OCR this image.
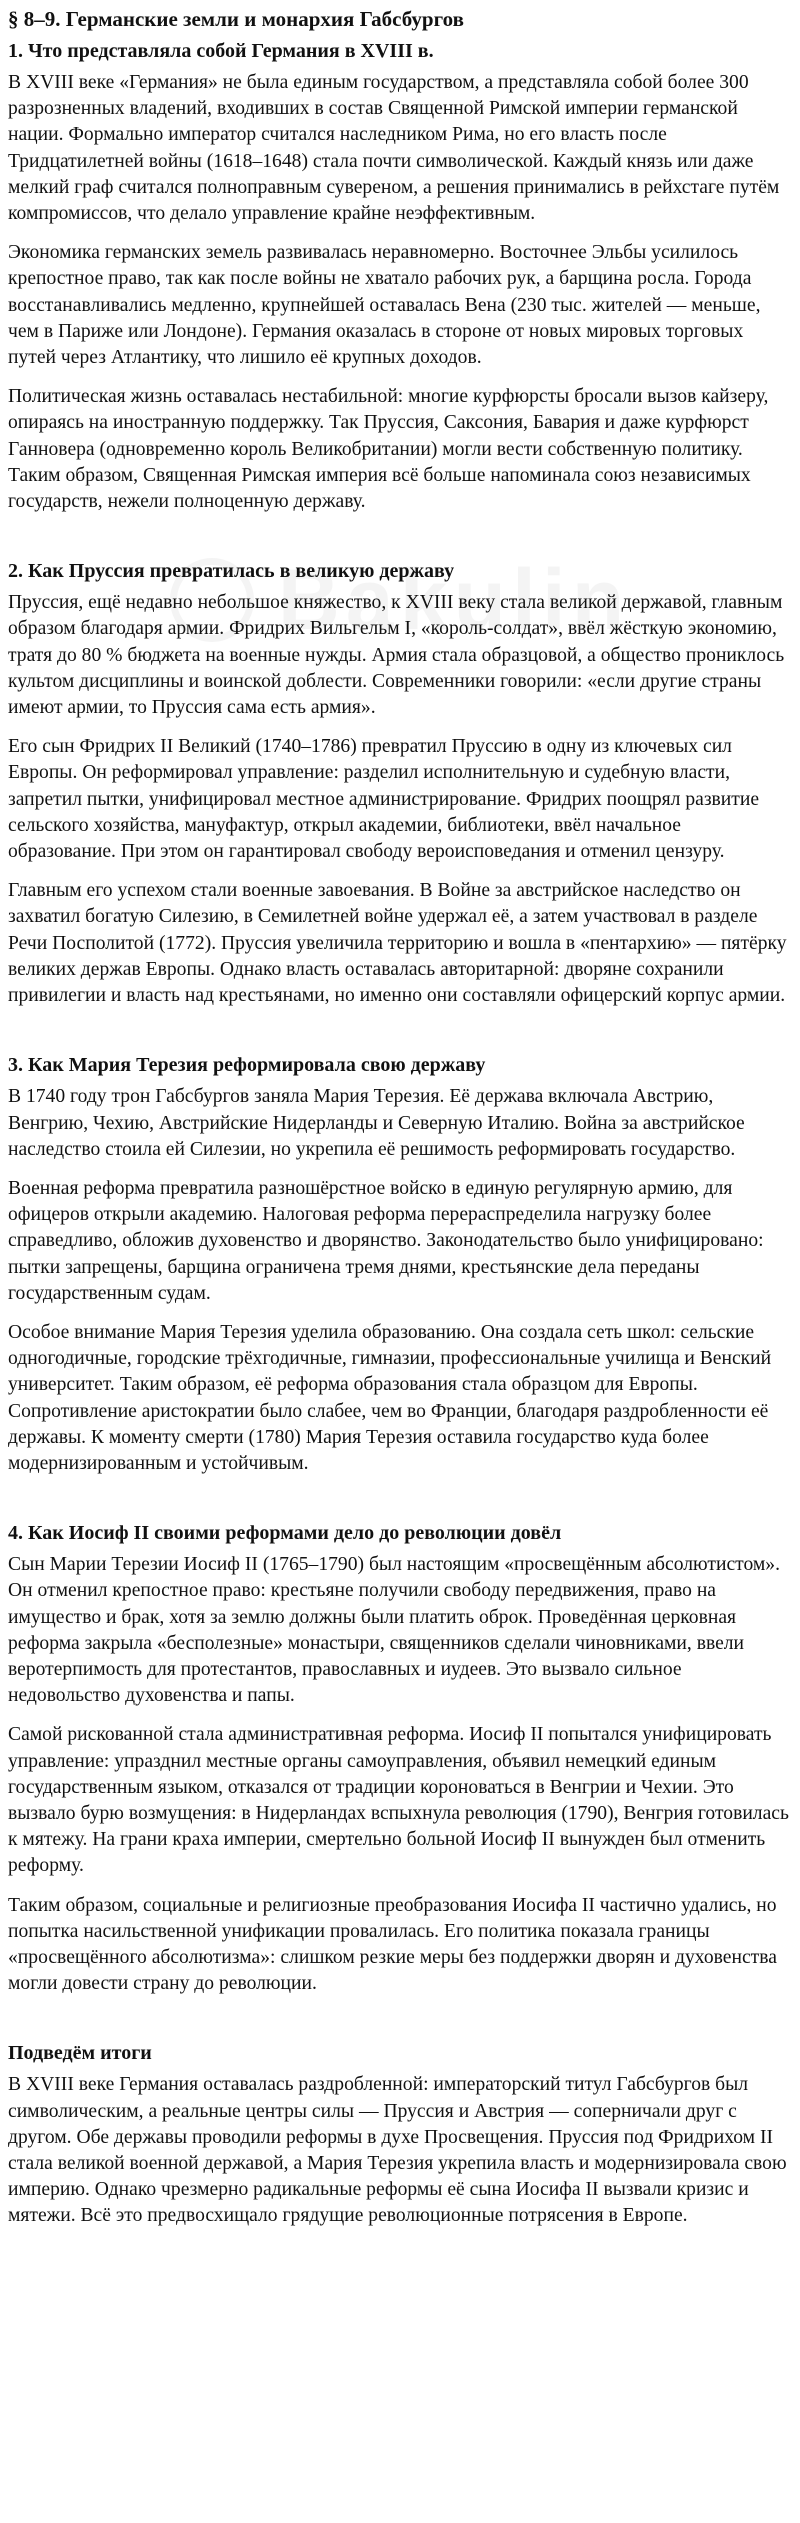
§ 8–9. Германские земли и монархия Габсбургов
1. Что представляла собой Германия в XVIII в.

В XVIII веке «Германия» не была единым государством, а представляла собой более 300 разрозненных владений, входивших в состав Священной Римской империи германской нации. Формально император считался наследником Рима, но его власть после Тридцатилетней войны (1618–1648) стала почти символической. Каждый князь или даже мелкий граф считался полноправным сувереном, а решения принимались в рейхстаге путём компромиссов, что делало управление крайне неэффективным.

Экономика германских земель развивалась неравномерно. Восточнее Эльбы усилилось крепостное право, так как после войны не хватало рабочих рук, а барщина росла. Города восстанавливались медленно, крупнейшей оставалась Вена (230 тыс. жителей — меньше, чем в Париже или Лондоне). Германия оказалась в стороне от новых мировых торговых путей через Атлантику, что лишило её крупных доходов.

Политическая жизнь оставалась нестабильной: многие курфюрсты бросали вызов кайзеру, опираясь на иностранную поддержку. Так Пруссия, Саксония, Бавария и даже курфюрст Ганновера (одновременно король Великобритании) могли вести собственную политику. Таким образом, Священная Римская империя всё больше напоминала союз независимых государств, нежели полноценную державу.

2. Как Пруссия превратилась в великую державу

Пруссия, ещё недавно небольшое княжество, к XVIII веку стала великой державой, главным образом благодаря армии. Фридрих Вильгельм I, «король-солдат», ввёл жёсткую экономию, тратя до 80 % бюджета на военные нужды. Армия стала образцовой, а общество прониклось культом дисциплины и воинской доблести. Современники говорили: «если другие страны имеют армии, то Пруссия сама есть армия».

Его сын Фридрих II Великий (1740–1786) превратил Пруссию в одну из ключевых сил Европы. Он реформировал управление: разделил исполнительную и судебную власти, запретил пытки, унифицировал местное администрирование. Фридрих поощрял развитие сельского хозяйства, мануфактур, открыл академии, библиотеки, ввёл начальное образование. При этом он гарантировал свободу вероисповедания и отменил цензуру.

Главным его успехом стали военные завоевания. В Войне за австрийское наследство он захватил богатую Силезию, в Семилетней войне удержал её, а затем участвовал в разделе Речи Посполитой (1772). Пруссия увеличила территорию и вошла в «пентархию» — пятёрку великих держав Европы. Однако власть оставалась авторитарной: дворяне сохранили привилегии и власть над крестьянами, но именно они составляли офицерский корпус армии.

3. Как Мария Терезия реформировала свою державу

В 1740 году трон Габсбургов заняла Мария Терезия. Её держава включала Австрию, Венгрию, Чехию, Австрийские Нидерланды и Северную Италию. Война за австрийское наследство стоила ей Силезии, но укрепила её решимость реформировать государство.

Военная реформа превратила разношёрстное войско в единую регулярную армию, для офицеров открыли академию. Налоговая реформа перераспределила нагрузку более справедливо, обложив духовенство и дворянство. Законодательство было унифицировано: пытки запрещены, барщина ограничена тремя днями, крестьянские дела переданы государственным судам.

Особое внимание Мария Терезия уделила образованию. Она создала сеть школ: сельские одногодичные, городские трёхгодичные, гимназии, профессиональные училища и Венский университет. Таким образом, её реформа образования стала образцом для Европы. Сопротивление аристократии было слабее, чем во Франции, благодаря раздробленности её державы. К моменту смерти (1780) Мария Терезия оставила государство куда более модернизированным и устойчивым.

4. Как Иосиф II своими реформами дело до революции довёл

Сын Марии Терезии Иосиф II (1765–1790) был настоящим «просвещённым абсолютистом». Он отменил крепостное право: крестьяне получили свободу передвижения, право на имущество и брак, хотя за землю должны были платить оброк. Проведённая церковная реформа закрыла «бесполезные» монастыри, священников сделали чиновниками, ввели веротерпимость для протестантов, православных и иудеев. Это вызвало сильное недовольство духовенства и папы.

Самой рискованной стала административная реформа. Иосиф II попытался унифицировать управление: упразднил местные органы самоуправления, объявил немецкий единым государственным языком, отказался от традиции короноваться в Венгрии и Чехии. Это вызвало бурю возмущения: в Нидерландах вспыхнула революция (1790), Венгрия готовилась к мятежу. На грани краха империи, смертельно больной Иосиф II вынужден был отменить реформу.

Таким образом, социальные и религиозные преобразования Иосифа II частично удались, но попытка насильственной унификации провалилась. Его политика показала границы «просвещённого абсолютизма»: слишком резкие меры без поддержки дворян и духовенства могли довести страну до революции.

Подведём итоги

В XVIII веке Германия оставалась раздробленной: императорский титул Габсбургов был символическим, а реальные центры силы — Пруссия и Австрия — соперничали друг с другом. Обе державы проводили реформы в духе Просвещения. Пруссия под Фридрихом II стала великой военной державой, а Мария Терезия укрепила власть и модернизировала свою империю. Однако чрезмерно радикальные реформы её сына Иосифа II вызвали кризис и мятежи. Всё это предвосхищало грядущие революционные потрясения в Европе.
